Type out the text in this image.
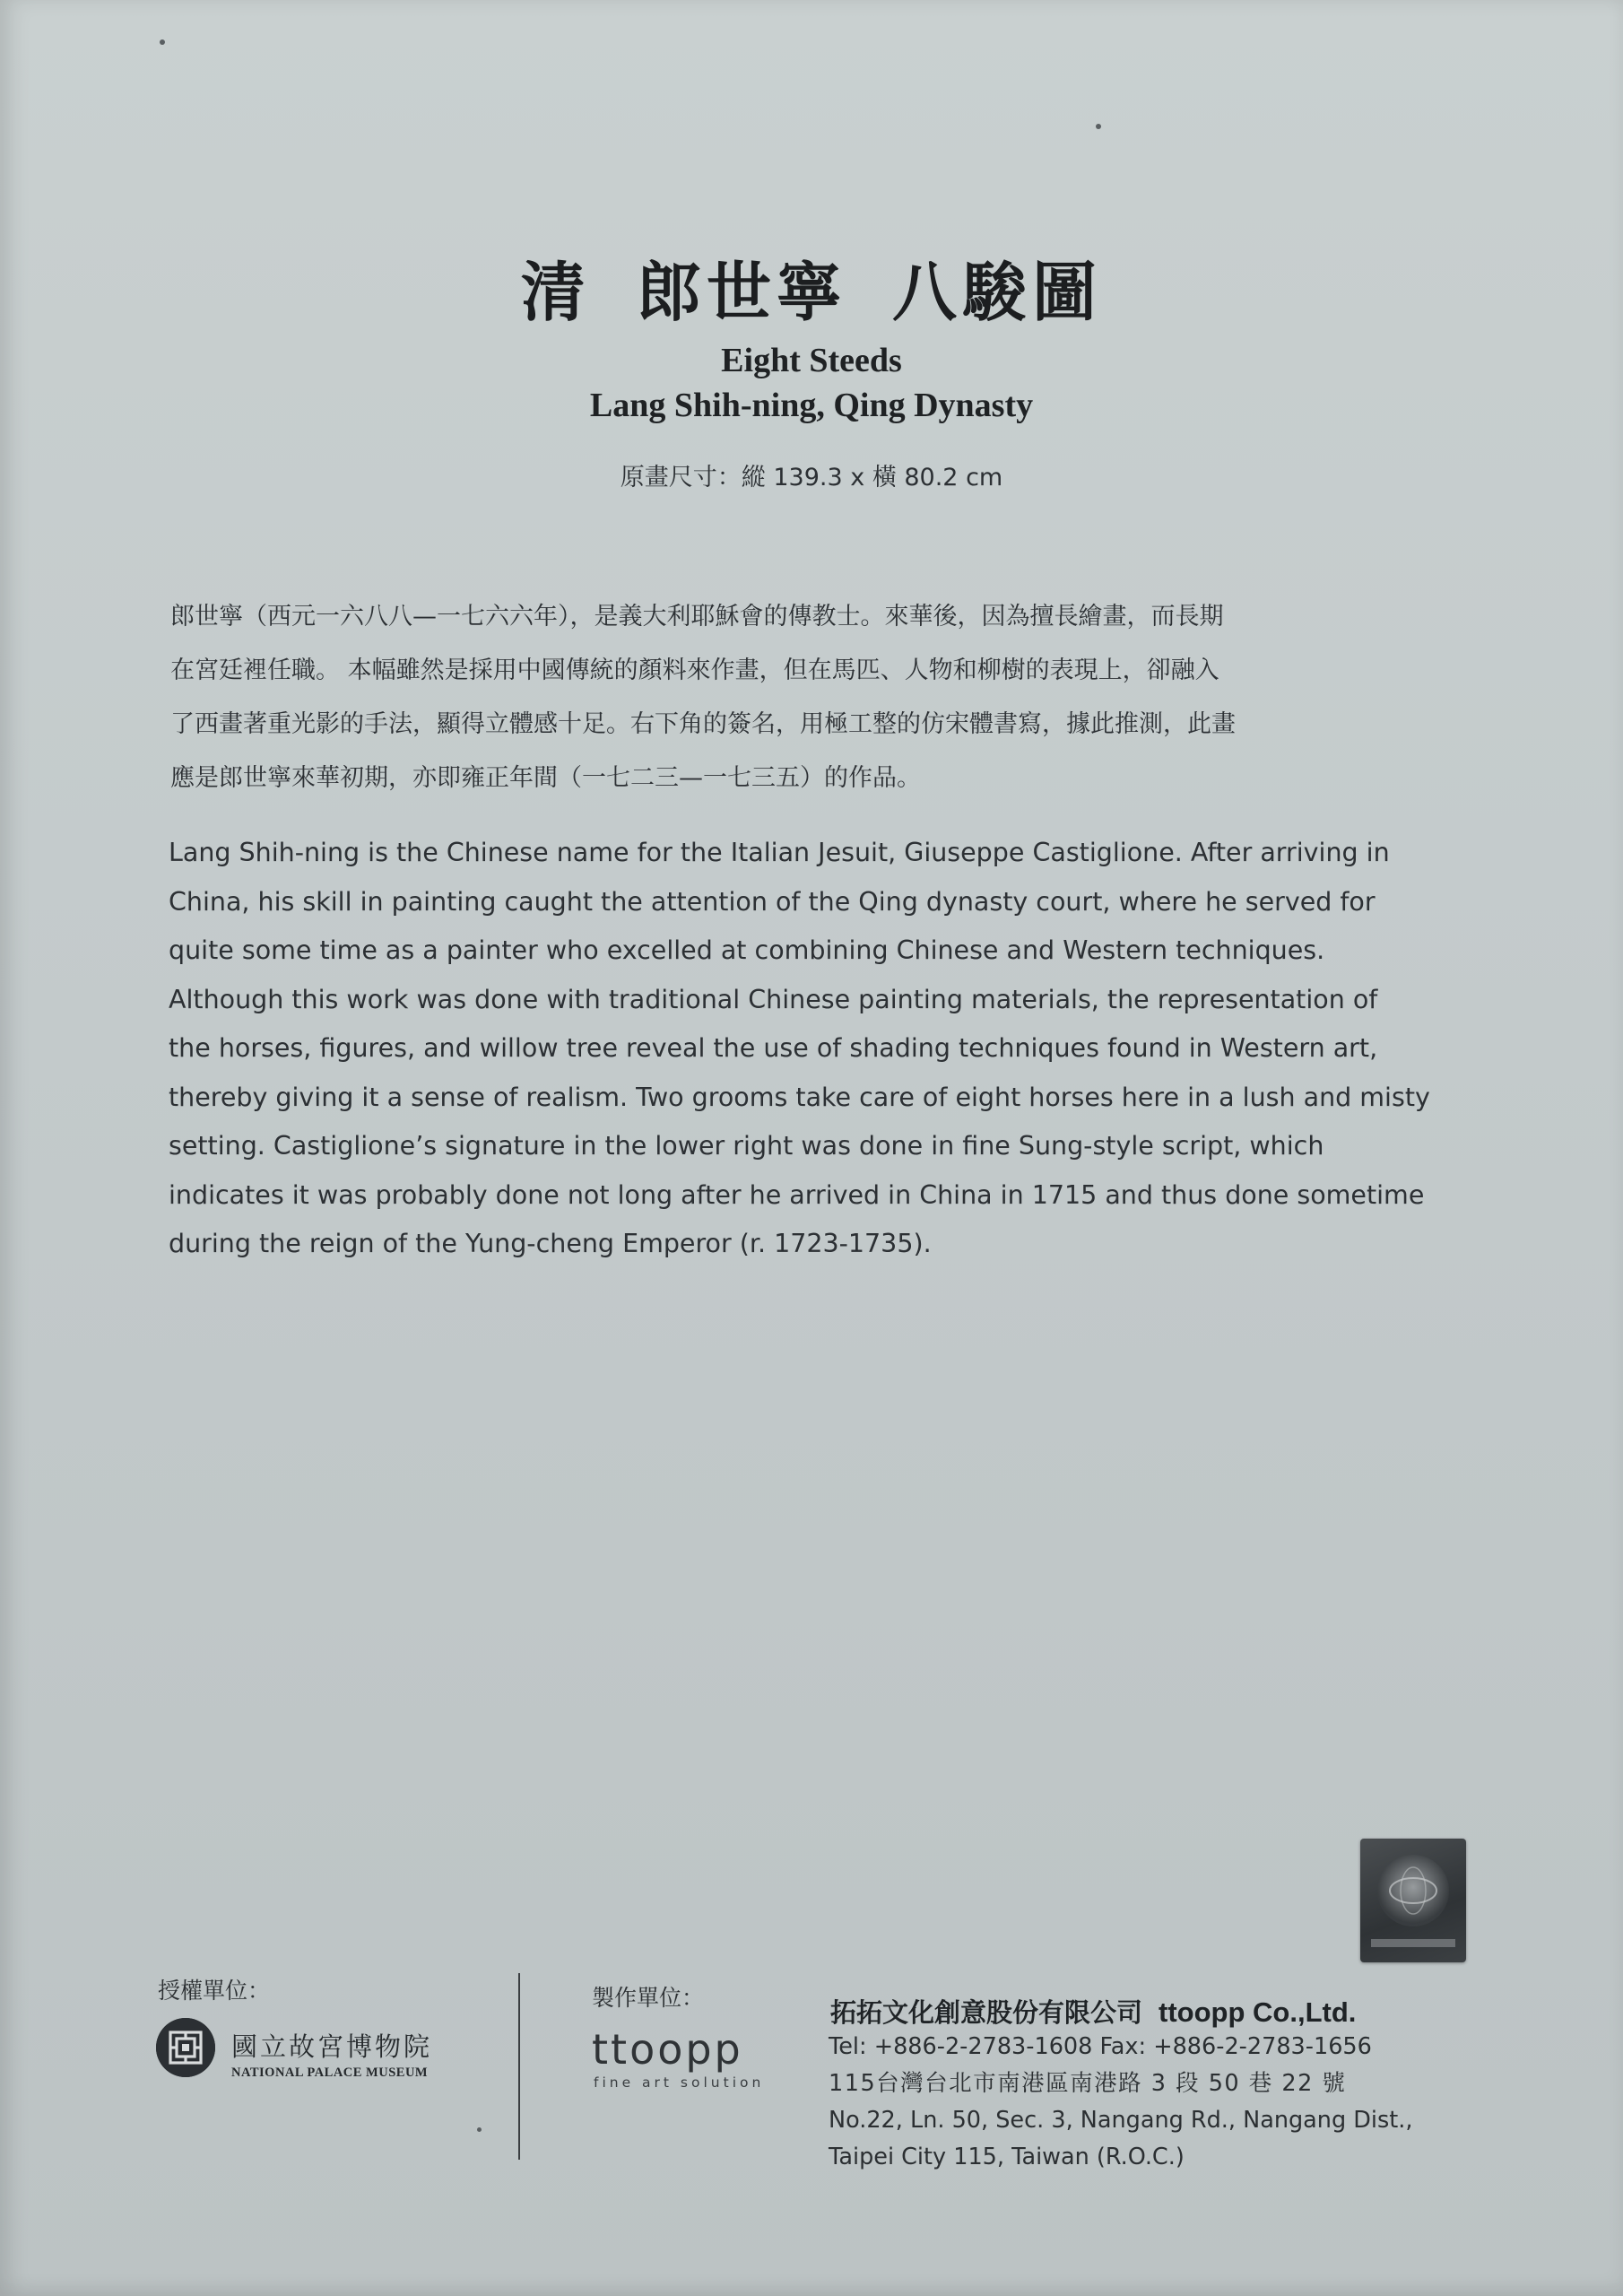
清 郎世寧 八駿圖
Eight Steeds
Lang Shih-ning, Qing Dynasty
原畫尺寸：縱 139.3 x 橫 80.2 cm
郎世寧（西元一六八八—一七六六年），是義大利耶穌會的傳教士。來華後，因為擅長繪畫，而長期
在宮廷裡任職。 本幅雖然是採用中國傳統的顏料來作畫，但在馬匹、人物和柳樹的表現上，卻融入
了西畫著重光影的手法，顯得立體感十足。右下角的簽名，用極工整的仿宋體書寫，據此推測，此畫
應是郎世寧來華初期，亦即雍正年間（一七二三—一七三五）的作品。
Lang Shih-ning is the Chinese name for the Italian Jesuit, Giuseppe Castiglione. After arriving in
China, his skill in painting caught the attention of the Qing dynasty court, where he served for
quite some time as a painter who excelled at combining Chinese and Western techniques.
Although this work was done with traditional Chinese painting materials, the representation of
the horses, figures, and willow tree reveal the use of shading techniques found in Western art,
thereby giving it a sense of realism. Two grooms take care of eight horses here in a lush and misty
setting. Castiglione’s signature in the lower right was done in fine Sung-style script, which
indicates it was probably done not long after he arrived in China in 1715 and thus done sometime
during the reign of the Yung-cheng Emperor (r. 1723-1735).
授權單位：
國立故宮博物院
NATIONAL PALACE MUSEUM
製作單位：
ttoopp
fine art solution
拓拓文化創意股份有限公司 ttoopp Co.,Ltd.
Tel: +886-2-2783-1608 Fax: +886-2-2783-1656
115台灣台北市南港區南港路 3 段 50 巷 22 號
No.22, Ln. 50, Sec. 3, Nangang Rd., Nangang Dist.,
Taipei City 115, Taiwan (R.O.C.)
